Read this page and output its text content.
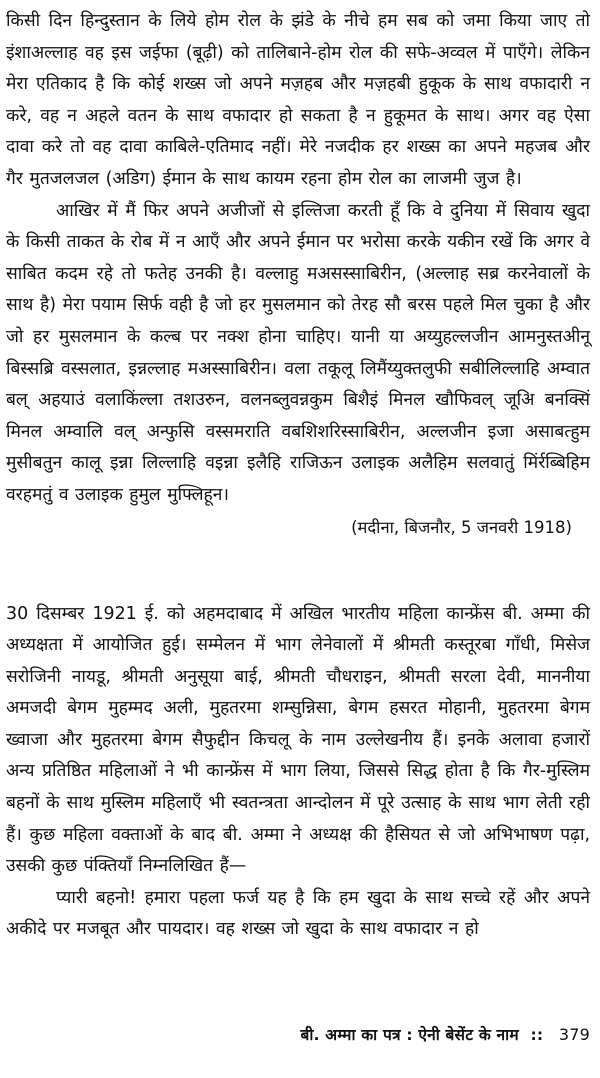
किसी दिन हिन्दुस्तान के लिये होम रोल के झंडे के नीचे हम सब को जमा किया जाए तो इंशाअल्लाह वह इस जईफा (बूढ़ी) को तालिबाने-होम रोल की सफे-अव्वल में पाएँगे। लेकिन मेरा एतिकाद है कि कोई शख्स जो अपने मज़हब और मज़हबी हुकूक के साथ वफादारी न करे, वह न अहले वतन के साथ वफादार हो सकता है न हुकूमत के साथ। अगर वह ऐसा दावा करे तो वह दावा काबिले-एतिमाद नहीं। मेरे नजदीक हर शख्स का अपने महजब और गैर मुतजलजल (अडिग) ईमान के साथ कायम रहना होम रोल का लाजमी जुज है।

आखिर में मैं फिर अपने अजीजों से इल्तिजा करती हूँ कि वे दुनिया में सिवाय खुदा के किसी ताकत के रोब में न आएँ और अपने ईमान पर भरोसा करके यकीन रखें कि अगर वे साबित कदम रहे तो फतेह उनकी है। वल्लाहु मअसस्साबिरीन, (अल्लाह सब्र करनेवालों के साथ है) मेरा पयाम सिर्फ वही है जो हर मुसलमान को तेरह सौ बरस पहले मिल चुका है और जो हर मुसलमान के कल्ब पर नक्श होना चाहिए। यानी या अय्युहल्लजीन आमनुस्तअीनू बिस्सब्रि वस्सलात, इन्नल्लाह मअस्साबिरीन। वला तकूलू लिमैंय्युक्तलुफी सबीलिल्लाहि अम्वात बल् अहयाउं वलाकिंल्ला तशउरुन, वलनब्लुवन्नकुम बिशैइं मिनल खौफिवल् जूअि बनक्सिं मिनल अम्वालि वल् अन्फुसि वस्समराति वबशिशरिस्साबिरीन, अल्लजीन इजा असाबत्हुम मुसीबतुन कालू इन्ना लिल्लाहि वइन्ना इलैहि राजिऊन उलाइक अलैहिम सलवातुं मिंर्रब्बिहिम वरहमतुं व उलाइक हुमुल मुफ्लिहून।

(मदीना, बिजनौर, 5 जनवरी 1918)

30 दिसम्बर 1921 ई. को अहमदाबाद में अखिल भारतीय महिला कान्फ्रेंस बी. अम्मा की अध्यक्षता में आयोजित हुई। सम्मेलन में भाग लेनेवालों में श्रीमती कस्तूरबा गाँधी, मिसेज सरोजिनी नायडू, श्रीमती अनुसूया बाई, श्रीमती चौधराइन, श्रीमती सरला देवी, माननीया अमजदी बेगम मुहम्मद अली, मुहतरमा शम्सुन्निसा, बेगम हसरत मोहानी, मुहतरमा बेगम ख्वाजा और मुहतरमा बेगम सैफुद्दीन किचलू के नाम उल्लेखनीय हैं। इनके अलावा हजारों अन्य प्रतिष्ठित महिलाओं ने भी कान्फ्रेंस में भाग लिया, जिससे सिद्ध होता है कि गैर-मुस्लिम बहनों के साथ मुस्लिम महिलाएँ भी स्वतन्त्रता आन्दोलन में पूरे उत्साह के साथ भाग लेती रही हैं। कुछ महिला वक्ताओं के बाद बी. अम्मा ने अध्यक्ष की हैसियत से जो अभिभाषण पढ़ा, उसकी कुछ पंक्तियाँ निम्नलिखित हैं—

प्यारी बहनो! हमारा पहला फर्ज यह है कि हम खुदा के साथ सच्चे रहें और अपने अकीदे पर मजबूत और पायदार। वह शख्स जो खुदा के साथ वफादार न हो

बी. अम्मा का पत्र : ऐनी बेसेंट के नाम :: 379
